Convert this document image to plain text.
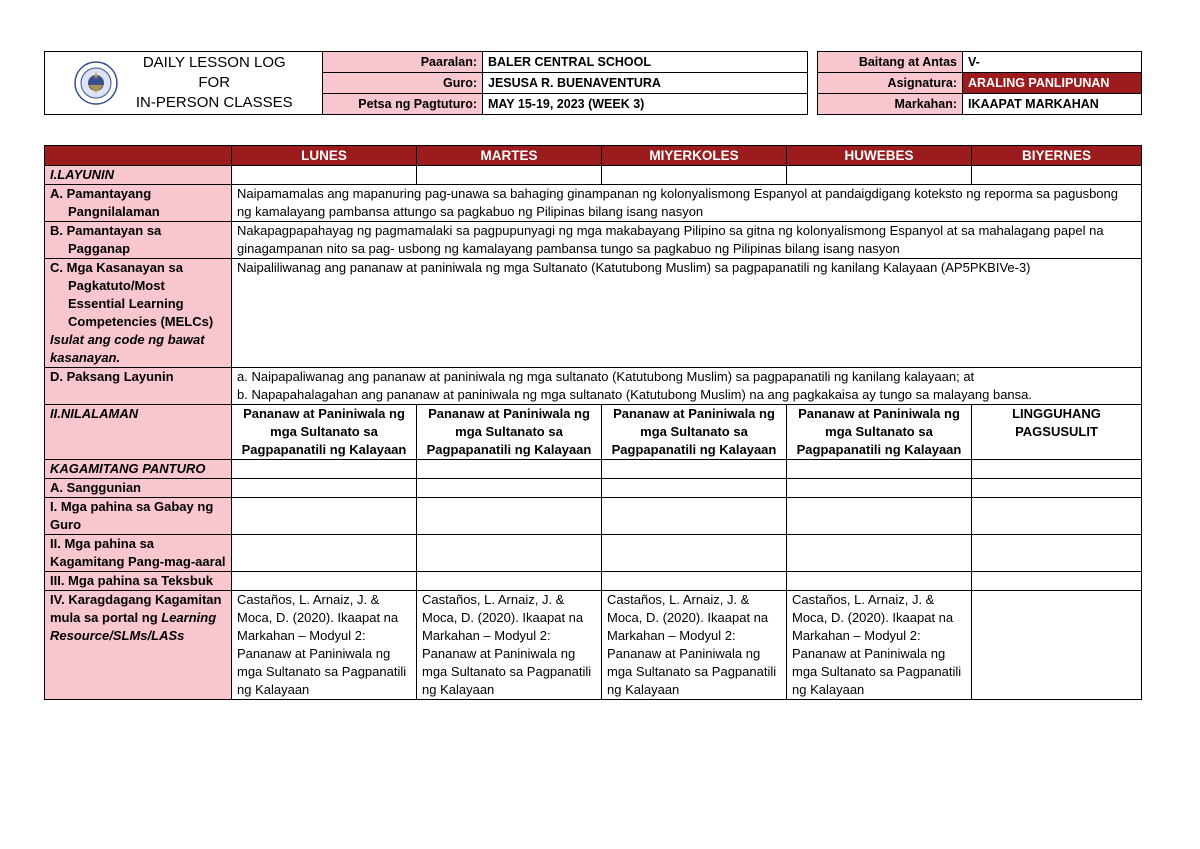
DAILY LESSON LOG
FOR
IN-PERSON CLASSES	Paaralan:	BALER CENTRAL SCHOOL		Baitang at Antas	V-
	Guro:	JESUSA R. BUENAVENTURA		Asignatura:	ARALING PANLIPUNAN
	Petsa ng Pagtuturo:	MAY 15-19, 2023 (WEEK 3)		Markahan:	IKAAPAT MARKAHAN
	LUNES	MARTES	MIYERKOLES	HUWEBES	BIYERNES
I.LAYUNIN					
A. Pamantayang

Pangnilalaman	Naipamamalas ang mapanuring pag-unawa sa bahaging ginampanan ng kolonyalismong Espanyol at pandaigdigang koteksto ng reporma sa pagusbong ng kamalayang pambansa attungo sa pagkabuo ng Pilipinas bilang isang nasyon				
B. Pamantayan sa

Pagganap	Nakapagpapahayag ng pagmamalaki sa pagpupunyagi ng mga makabayang Pilipino sa gitna ng kolonyalismong Espanyol at sa mahalagang papel na ginagampanan nito sa pag- usbong ng kamalayang pambansa tungo sa pagkabuo ng Pilipinas bilang isang nasyon				
C. Mga Kasanayan sa
Pagkatuto/Most
Essential Learning
Competencies (MELCs)
Isulat ang code ng bawat kasanayan.	Naipaliliwanag ang pananaw at paniniwala ng mga Sultanato (Katutubong Muslim) sa pagpapanatili ng kanilang Kalayaan (AP5PKBIVe-3)				
D. Paksang Layunin	a. Naipapaliwanag ang pananaw at paniniwala ng mga sultanato (Katutubong Muslim) sa pagpapanatili ng kanilang kalayaan; at
b. Napapahalagahan ang pananaw at paniniwala ng mga sultanato (Katutubong Muslim) na ang pagkakaisa ay tungo sa malayang bansa.				
II.NILALAMAN	Pananaw at Paniniwala ng mga Sultanato sa Pagpapanatili ng Kalayaan	Pananaw at Paniniwala ng mga Sultanato sa Pagpapanatili ng Kalayaan	Pananaw at Paniniwala ng mga Sultanato sa Pagpapanatili ng Kalayaan	Pananaw at Paniniwala ng mga Sultanato sa Pagpapanatili ng Kalayaan	LINGGUHANG PAGSUSULIT
KAGAMITANG PANTURO					
A. Sanggunian					
I. Mga pahina sa Gabay ng Guro					
II. Mga pahina sa Kagamitang Pang-mag-aaral					
III. Mga pahina sa Teksbuk					
IV. Karagdagang Kagamitan mula sa portal ng Learning Resource/SLMs/LASs	Castaños, L. Arnaiz, J. & Moca, D. (2020). Ikaapat na Markahan – Modyul 2: Pananaw at Paniniwala ng mga Sultanato sa Pagpanatili ng Kalayaan	Castaños, L. Arnaiz, J. & Moca, D. (2020). Ikaapat na Markahan – Modyul 2: Pananaw at Paniniwala ng mga Sultanato sa Pagpanatili ng Kalayaan	Castaños, L. Arnaiz, J. & Moca, D. (2020). Ikaapat na Markahan – Modyul 2: Pananaw at Paniniwala ng mga Sultanato sa Pagpanatili ng Kalayaan	Castaños, L. Arnaiz, J. & Moca, D. (2020). Ikaapat na Markahan – Modyul 2: Pananaw at Paniniwala ng mga Sultanato sa Pagpanatili ng Kalayaan	
